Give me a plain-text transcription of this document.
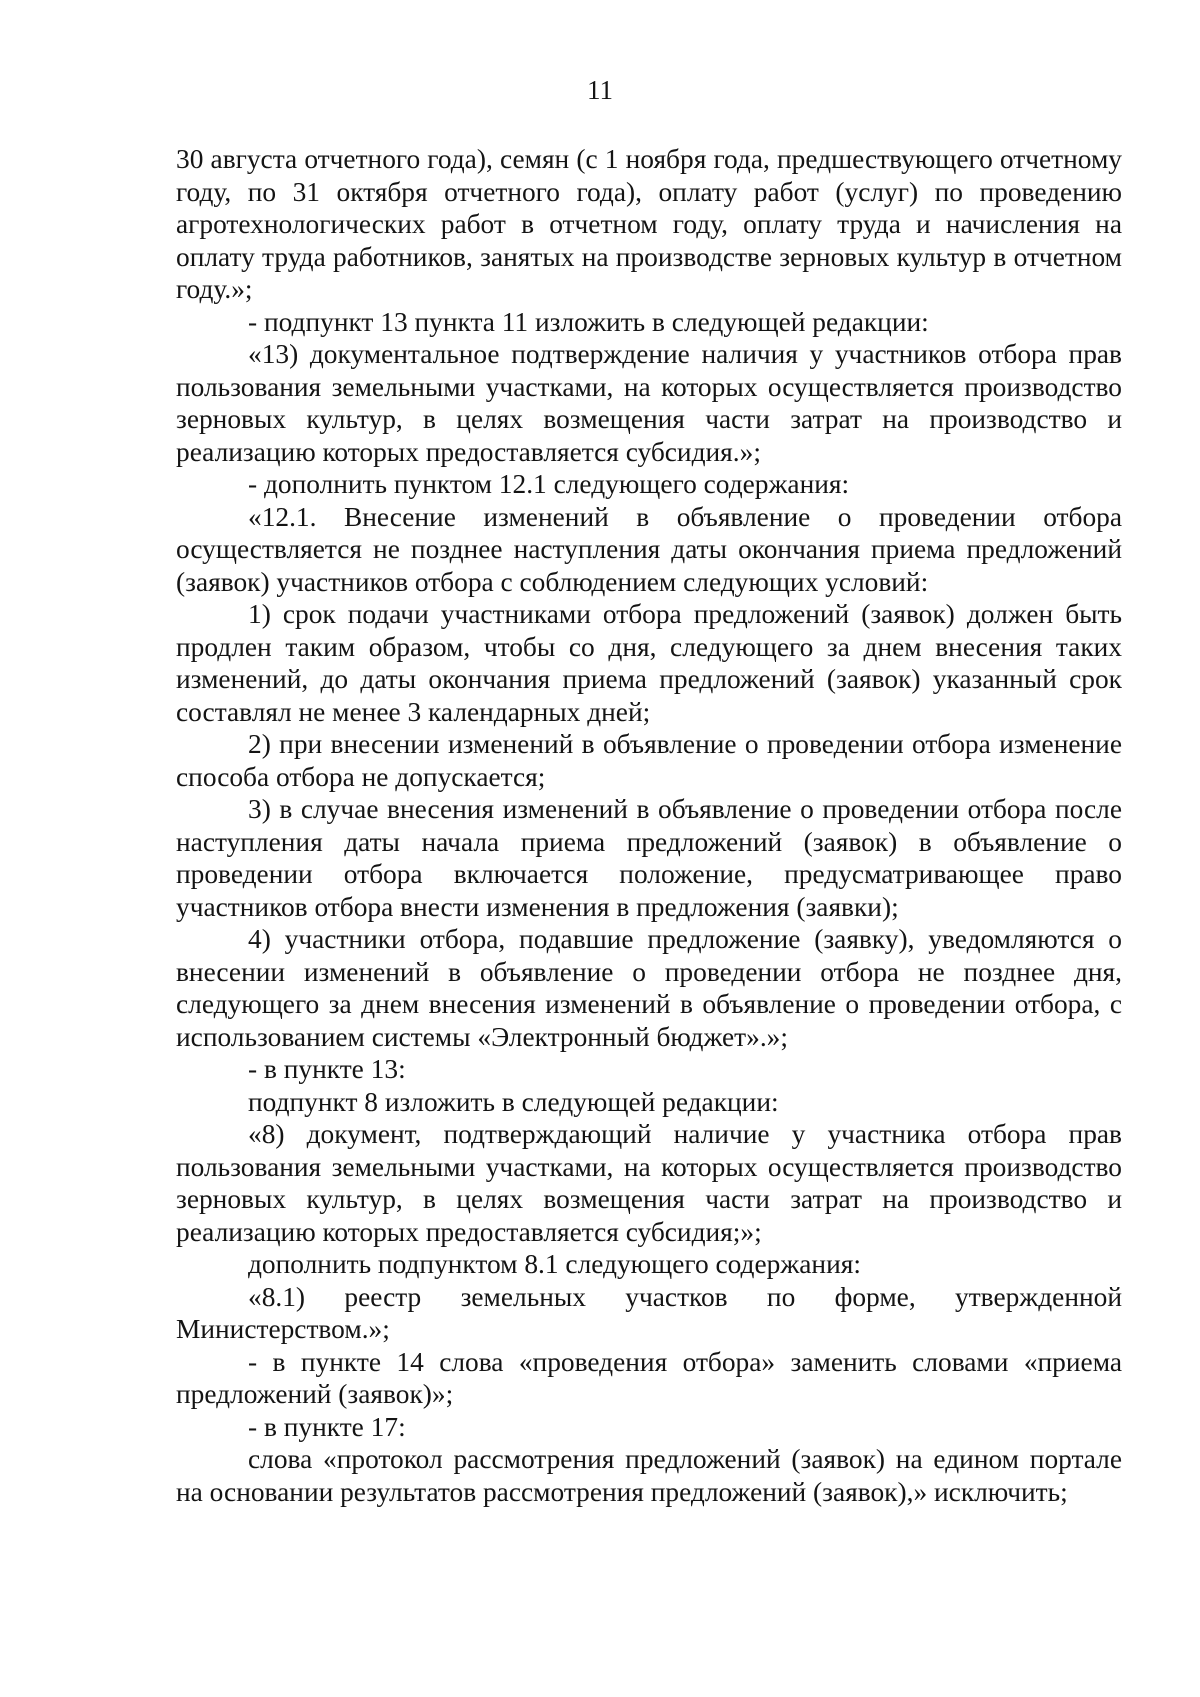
11

30 августа отчетного года), семян (с 1 ноября года, предшествующего отчетному году, по 31 октября отчетного года), оплату работ (услуг) по проведению агротехнологических работ в отчетном году, оплату труда и начисления на оплату труда работников, занятых на производстве зерновых культур в отчетном году.»;

- подпункт 13 пункта 11 изложить в следующей редакции:

«13) документальное подтверждение наличия у участников отбора прав пользования земельными участками, на которых осуществляется производство зерновых культур, в целях возмещения части затрат на производство и реализацию которых предоставляется субсидия.»;

- дополнить пунктом 12.1 следующего содержания:

«12.1. Внесение изменений в объявление о проведении отбора осуществляется не позднее наступления даты окончания приема предложений (заявок) участников отбора с соблюдением следующих условий:

1) срок подачи участниками отбора предложений (заявок) должен быть продлен таким образом, чтобы со дня, следующего за днем внесения таких изменений, до даты окончания приема предложений (заявок) указанный срок составлял не менее 3 календарных дней;

2) при внесении изменений в объявление о проведении отбора изменение способа отбора не допускается;

3) в случае внесения изменений в объявление о проведении отбора после наступления даты начала приема предложений (заявок) в объявление о проведении отбора включается положение, предусматривающее право участников отбора внести изменения в предложения (заявки);

4) участники отбора, подавшие предложение (заявку), уведомляются о внесении изменений в объявление о проведении отбора не позднее дня, следующего за днем внесения изменений в объявление о проведении отбора, с использованием системы «Электронный бюджет».»;

- в пункте 13:

подпункт 8 изложить в следующей редакции:

«8) документ, подтверждающий наличие у участника отбора прав пользования земельными участками, на которых осуществляется производство зерновых культур, в целях возмещения части затрат на производство и реализацию которых предоставляется субсидия;»;

дополнить подпунктом 8.1 следующего содержания:

«8.1) реестр земельных участков по форме, утвержденной Министерством.»;

- в пункте 14 слова «проведения отбора» заменить словами «приема предложений (заявок)»;

- в пункте 17:

слова «протокол рассмотрения предложений (заявок) на едином портале на основании результатов рассмотрения предложений (заявок),» исключить;
